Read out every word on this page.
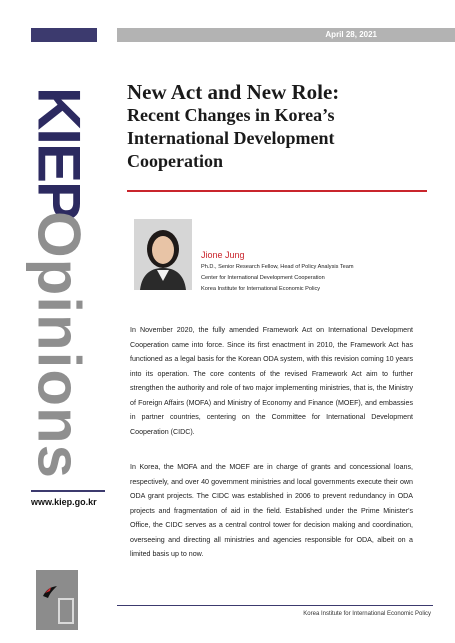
April 28, 2021
KIEP
Opinions
www.kiep.go.kr
New Act and New Role:
Recent Changes in Korea’s International Development Cooperation
Jione Jung
Ph.D., Senior Research Fellow, Head of Policy Analysis Team
Center for International Development Cooperation
Korea Institute for International Economic Policy

In November 2020, the fully amended Framework Act on International Development Cooperation came into force. Since its first enactment in 2010, the Framework Act has functioned as a legal basis for the Korean ODA system, with this revision coming 10 years into its operation. The core contents of the revised Framework Act aim to further strengthen the authority and role of two major implementing ministries, that is, the Ministry of Foreign Affairs (MOFA) and Ministry of Economy and Finance (MOEF), and embassies in partner countries, centering on the Committee for International Development Cooperation (CIDC).

In Korea, the MOFA and the MOEF are in charge of grants and concessional loans, respectively, and over 40 government ministries and local governments execute their own ODA grant projects. The CIDC was established in 2006 to prevent redundancy in ODA projects and fragmentation of aid in the field. Established under the Prime Minister's Office, the CIDC serves as a central control tower for decision making and coordination, overseeing and directing all ministries and agencies responsible for ODA, albeit on a limited basis up to now.

Korea Institute for International Economic Policy
